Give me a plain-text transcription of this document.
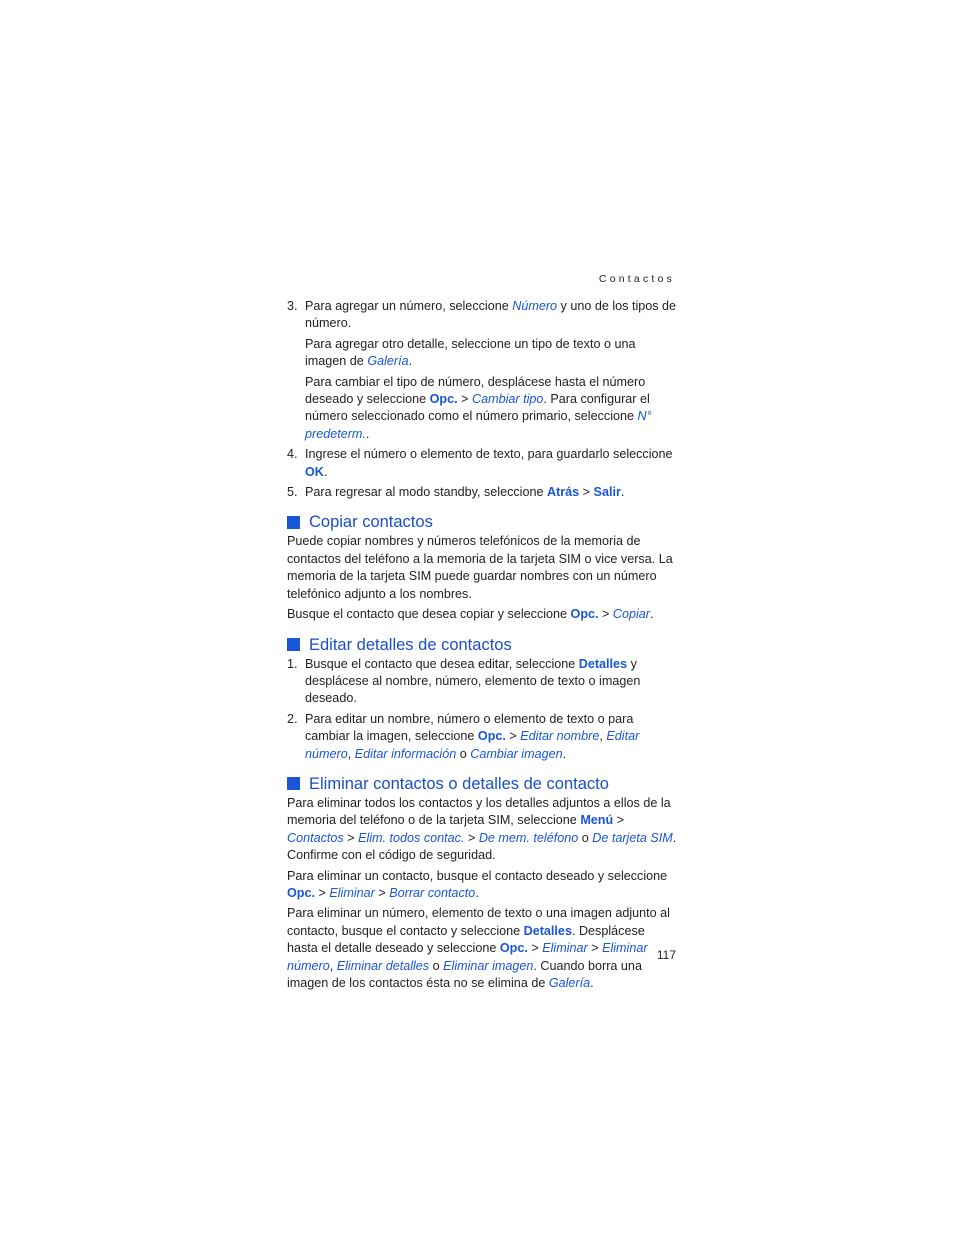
Contactos
3. Para agregar un número, seleccione Número y uno de los tipos de número.
Para agregar otro detalle, seleccione un tipo de texto o una imagen de Galería.
Para cambiar el tipo de número, desplácese hasta el número deseado y seleccione Opc. > Cambiar tipo. Para configurar el número seleccionado como el número primario, seleccione N° predeterm..
4. Ingrese el número o elemento de texto, para guardarlo seleccione OK.
5. Para regresar al modo standby, seleccione Atrás > Salir.
Copiar contactos

Puede copiar nombres y números telefónicos de la memoria de contactos del teléfono a la memoria de la tarjeta SIM o vice versa. La memoria de la tarjeta SIM puede guardar nombres con un número telefónico adjunto a los nombres.

Busque el contacto que desea copiar y seleccione Opc. > Copiar.

Editar detalles de contactos
1. Busque el contacto que desea editar, seleccione Detalles y desplácese al nombre, número, elemento de texto o imagen deseado.
2. Para editar un nombre, número o elemento de texto o para cambiar la imagen, seleccione Opc. > Editar nombre, Editar número, Editar información o Cambiar imagen.
Eliminar contactos o detalles de contacto

Para eliminar todos los contactos y los detalles adjuntos a ellos de la memoria del teléfono o de la tarjeta SIM, seleccione Menú > Contactos > Elim. todos contac. > De mem. teléfono o De tarjeta SIM. Confirme con el código de seguridad.

Para eliminar un contacto, busque el contacto deseado y seleccione Opc. > Eliminar > Borrar contacto.

Para eliminar un número, elemento de texto o una imagen adjunto al contacto, busque el contacto y seleccione Detalles. Desplácese hasta el detalle deseado y seleccione Opc. > Eliminar > Eliminar número, Eliminar detalles o Eliminar imagen. Cuando borra una imagen de los contactos ésta no se elimina de Galería.

117
